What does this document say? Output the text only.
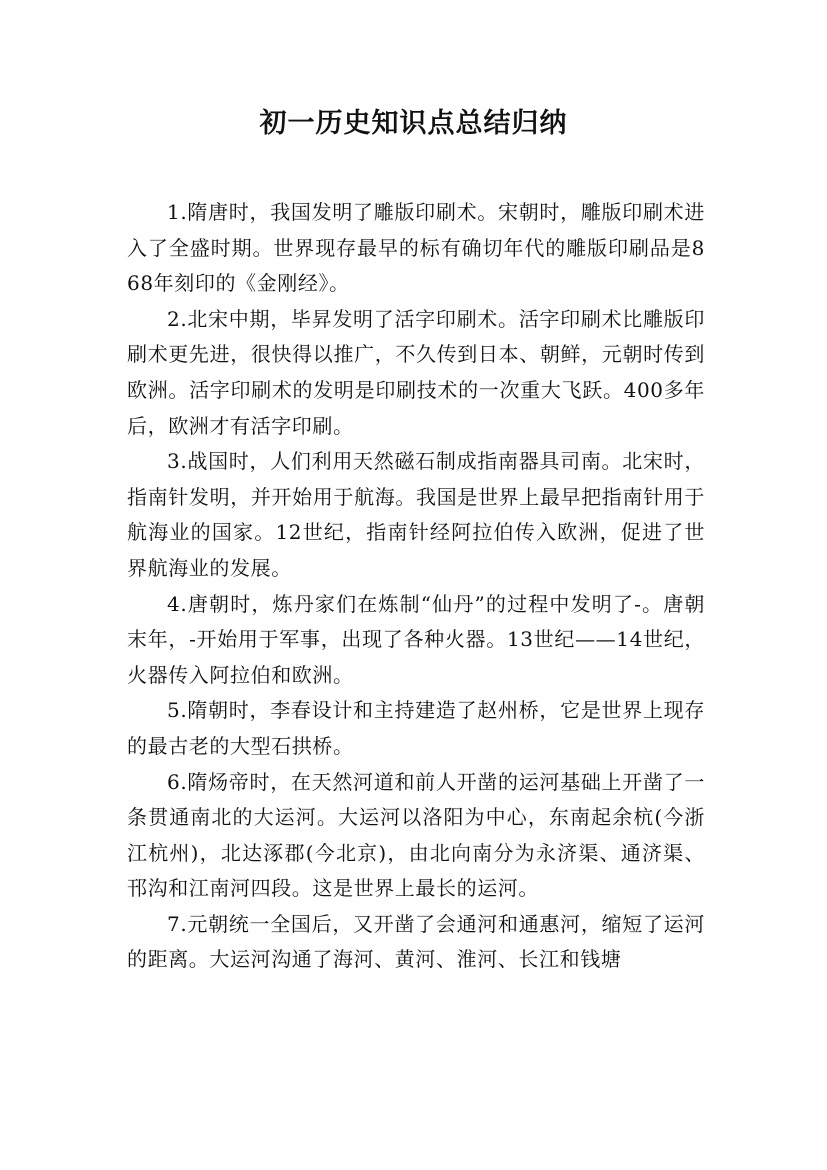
初一历史知识点总结归纳

1.隋唐时，我国发明了雕版印刷术。宋朝时，雕版印刷术进入了全盛时期。世界现存最早的标有确切年代的雕版印刷品是868年刻印的《金刚经》。

2.北宋中期，毕昇发明了活字印刷术。活字印刷术比雕版印刷术更先进，很快得以推广，不久传到日本、朝鲜，元朝时传到欧洲。活字印刷术的发明是印刷技术的一次重大飞跃。400多年后，欧洲才有活字印刷。

3.战国时，人们利用天然磁石制成指南器具司南。北宋时，指南针发明，并开始用于航海。我国是世界上最早把指南针用于航海业的国家。12世纪，指南针经阿拉伯传入欧洲，促进了世界航海业的发展。

4.唐朝时，炼丹家们在炼制“仙丹”的过程中发明了-。唐朝末年，-开始用于军事，出现了各种火器。13世纪——14世纪，火器传入阿拉伯和欧洲。

5.隋朝时，李春设计和主持建造了赵州桥，它是世界上现存的最古老的大型石拱桥。

6.隋炀帝时，在天然河道和前人开凿的运河基础上开凿了一条贯通南北的大运河。大运河以洛阳为中心，东南起余杭(今浙江杭州)，北达涿郡(今北京)，由北向南分为永济渠、通济渠、邗沟和江南河四段。这是世界上最长的运河。

7.元朝统一全国后，又开凿了会通河和通惠河，缩短了运河的距离。大运河沟通了海河、黄河、淮河、长江和钱塘
